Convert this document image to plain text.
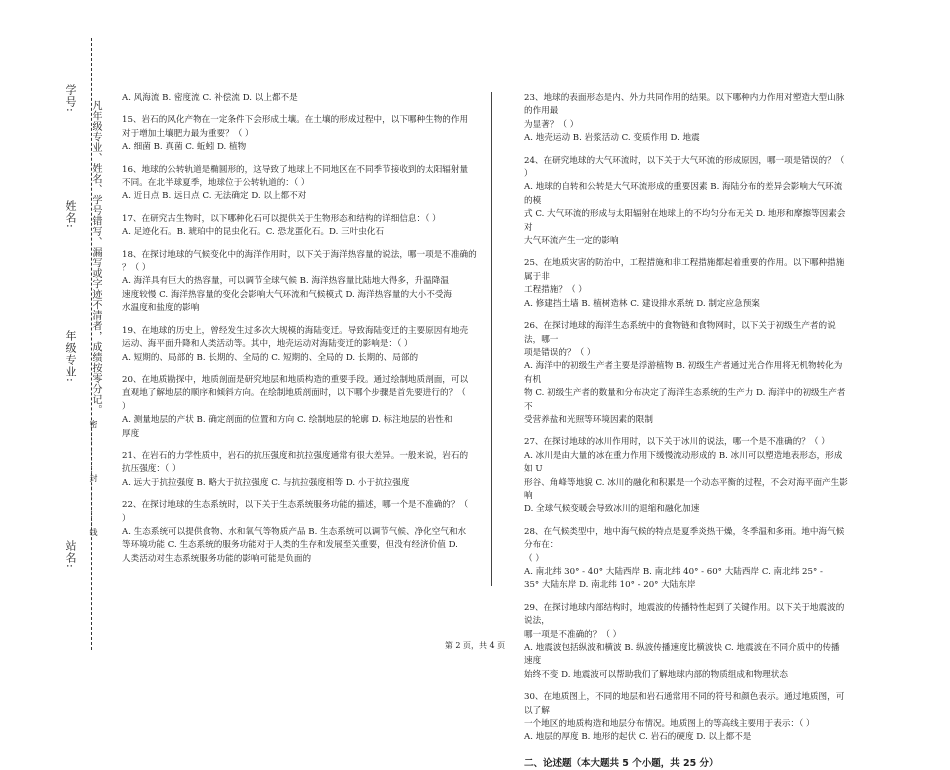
学号:
姓名:
年级专业:
站名:
凡年级专业、姓名、学号错写、漏写或字迹不清者，成绩按零分记。
密……………封……………线

A. 风海流 B. 密度流 C. 补偿流 D. 以上都不是

15、岩石的风化产物在一定条件下会形成土壤。在土壤的形成过程中，以下哪种生物的作用

对于增加土壤肥力最为重要？（ ）

A. 细菌 B. 真菌 C. 蚯蚓 D. 植物

16、地球的公转轨道是椭圆形的，这导致了地球上不同地区在不同季节接收到的太阳辐射量

不同。在北半球夏季，地球位于公转轨道的：（ ）

A. 近日点 B. 远日点 C. 无法确定 D. 以上都不对

17、在研究古生物时，以下哪种化石可以提供关于生物形态和结构的详细信息：（ ）

A. 足迹化石。B. 琥珀中的昆虫化石。C. 恐龙蛋化石。D. 三叶虫化石

18、在探讨地球的气候变化中的海洋作用时，以下关于海洋热容量的说法，哪一项是不准确的

？（ ）

A. 海洋具有巨大的热容量，可以调节全球气候 B. 海洋热容量比陆地大得多，升温降温

速度较慢 C. 海洋热容量的变化会影响大气环流和气候模式 D. 海洋热容量的大小不受海

水温度和盐度的影响

19、在地球的历史上，曾经发生过多次大规模的海陆变迁。导致海陆变迁的主要原因有地壳

运动、海平面升降和人类活动等。其中，地壳运动对海陆变迁的影响是：（ ）

A. 短期的、局部的 B. 长期的、全局的 C. 短期的、全局的 D. 长期的、局部的

20、在地质勘探中，地质剖面是研究地层和地质构造的重要手段。通过绘制地质剖面，可以

直观地了解地层的顺序和倾斜方向。在绘制地质剖面时，以下哪个步骤是首先要进行的？（

）

A. 测量地层的产状 B. 确定剖面的位置和方向 C. 绘制地层的轮廓 D. 标注地层的岩性和

厚度

21、在岩石的力学性质中，岩石的抗压强度和抗拉强度通常有很大差异。一般来说，岩石的

抗压强度：（ ）

A. 远大于抗拉强度 B. 略大于抗拉强度 C. 与抗拉强度相等 D. 小于抗拉强度

22、在探讨地球的生态系统时，以下关于生态系统服务功能的描述，哪一个是不准确的？（

）

A. 生态系统可以提供食物、水和氧气等物质产品 B. 生态系统可以调节气候、净化空气和水

等环境功能 C. 生态系统的服务功能对于人类的生存和发展至关重要，但没有经济价值 D.

人类活动对生态系统服务功能的影响可能是负面的

23、地球的表面形态是内、外力共同作用的结果。以下哪种内力作用对塑造大型山脉的作用最

为显著？（ ）

A. 地壳运动 B. 岩浆活动 C. 变质作用 D. 地震

24、在研究地球的大气环流时，以下关于大气环流的形成原因，哪一项是错误的？（ ）

A. 地球的自转和公转是大气环流形成的重要因素 B. 海陆分布的差异会影响大气环流的模

式 C. 大气环流的形成与太阳辐射在地球上的不均匀分布无关 D. 地形和摩擦等因素会对

大气环流产生一定的影响

25、在地质灾害的防治中，工程措施和非工程措施都起着重要的作用。以下哪种措施属于非

工程措施？（ ）

A. 修建挡土墙 B. 植树造林 C. 建设排水系统 D. 制定应急预案

26、在探讨地球的海洋生态系统中的食物链和食物网时，以下关于初级生产者的说法，哪一

项是错误的？（ ）

A. 海洋中的初级生产者主要是浮游植物 B. 初级生产者通过光合作用将无机物转化为有机

物 C. 初级生产者的数量和分布决定了海洋生态系统的生产力 D. 海洋中的初级生产者不

受营养盐和光照等环境因素的限制

27、在探讨地球的冰川作用时，以下关于冰川的说法，哪一个是不准确的？（ ）

A. 冰川是由大量的冰在重力作用下缓慢流动形成的 B. 冰川可以塑造地表形态，形成如 U

形谷、角峰等地貌 C. 冰川的融化和积累是一个动态平衡的过程，不会对海平面产生影响

D. 全球气候变暖会导致冰川的退缩和融化加速

28、在气候类型中，地中海气候的特点是夏季炎热干燥，冬季温和多雨。地中海气候分布在：

（ ）

A. 南北纬 30° - 40° 大陆西岸 B. 南北纬 40° - 60° 大陆西岸 C. 南北纬 25° -

35° 大陆东岸 D. 南北纬 10° - 20° 大陆东岸

29、在探讨地球内部结构时，地震波的传播特性起到了关键作用。以下关于地震波的说法，

哪一项是不准确的？（ ）

A. 地震波包括纵波和横波 B. 纵波传播速度比横波快 C. 地震波在不同介质中的传播速度

始终不变 D. 地震波可以帮助我们了解地球内部的物质组成和物理状态

30、在地质图上，不同的地层和岩石通常用不同的符号和颜色表示。通过地质图，可以了解

一个地区的地质构造和地层分布情况。地质图上的等高线主要用于表示：（ ）

A. 地层的厚度 B. 地形的起伏 C. 岩石的硬度 D. 以上都不是

二、论述题（本大题共 5 个小题，共 25 分）
第 2 页，共 4 页
